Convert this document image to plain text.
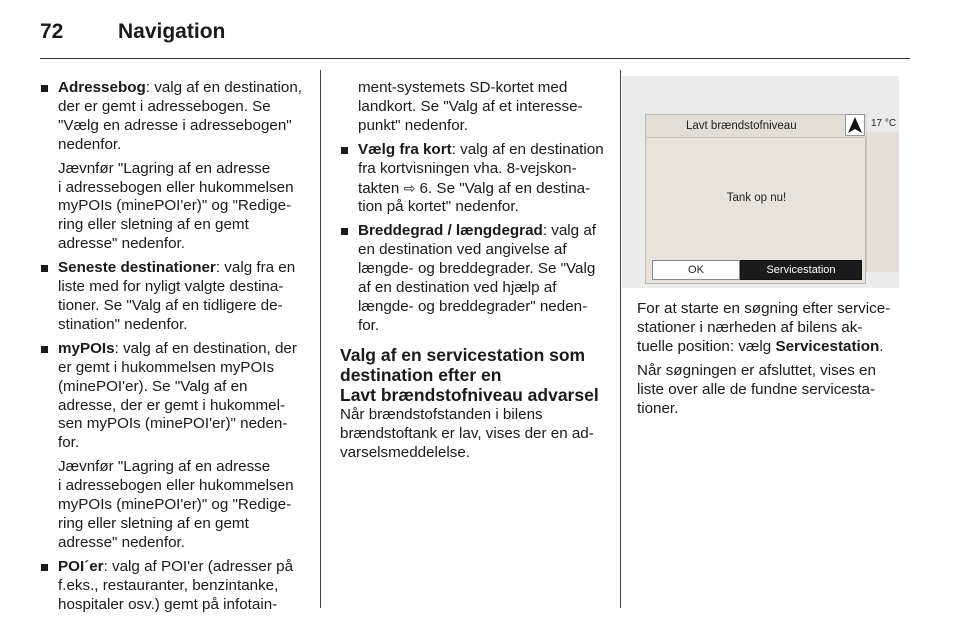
72	Navigation
Adressebog: valg af en destination,
der er gemt i adressebogen. Se
"Vælg en adresse i adressebogen"
nedenfor.
Jævnfør "Lagring af en adresse
i adressebogen eller hukommelsen
myPOIs (minePOI'er)" og "Redige-
ring eller sletning af en gemt
adresse" nedenfor.
Seneste destinationer: valg fra en
liste med for nyligt valgte destina-
tioner. Se "Valg af en tidligere de-
stination" nedenfor.
myPOIs: valg af en destination, der
er gemt i hukommelsen myPOIs
(minePOI'er). Se "Valg af en
adresse, der er gemt i hukommel-
sen myPOIs (minePOI'er)" neden-
for.
Jævnfør "Lagring af en adresse
i adressebogen eller hukommelsen
myPOIs (minePOI'er)" og "Redige-
ring eller sletning af en gemt
adresse" nedenfor.
POI´er: valg af POI'er (adresser på
f.eks., restauranter, benzintanke,
hospitaler osv.) gemt på infotain-
ment-systemets SD-kortet med
landkort. Se "Valg af et interesse-
punkt" nedenfor.
Vælg fra kort: valg af en destination
fra kortvisningen vha. 8-vejskon-
takten ⇨ 6. Se "Valg af en destina-
tion på kortet" nedenfor.
Breddegrad / længdegrad: valg af
en destination ved angivelse af
længde- og breddegrader. Se "Valg
af en destination ved hjælp af
længde- og breddegrader" neden-
for.
Valg af en servicestation som
destination efter en
Lavt brændstofniveau advarsel
Når brændstofstanden i bilens
brændstoftank er lav, vises der en ad-
varselsmeddelelse.
Lavt brændstofniveau
Tank op nu!
OK	Servicestation
17 °C
For at starte en søgning efter service-
stationer i nærheden af bilens ak-
tuelle position: vælg Servicestation.
Når søgningen er afsluttet, vises en
liste over alle de fundne servicesta-
tioner.
